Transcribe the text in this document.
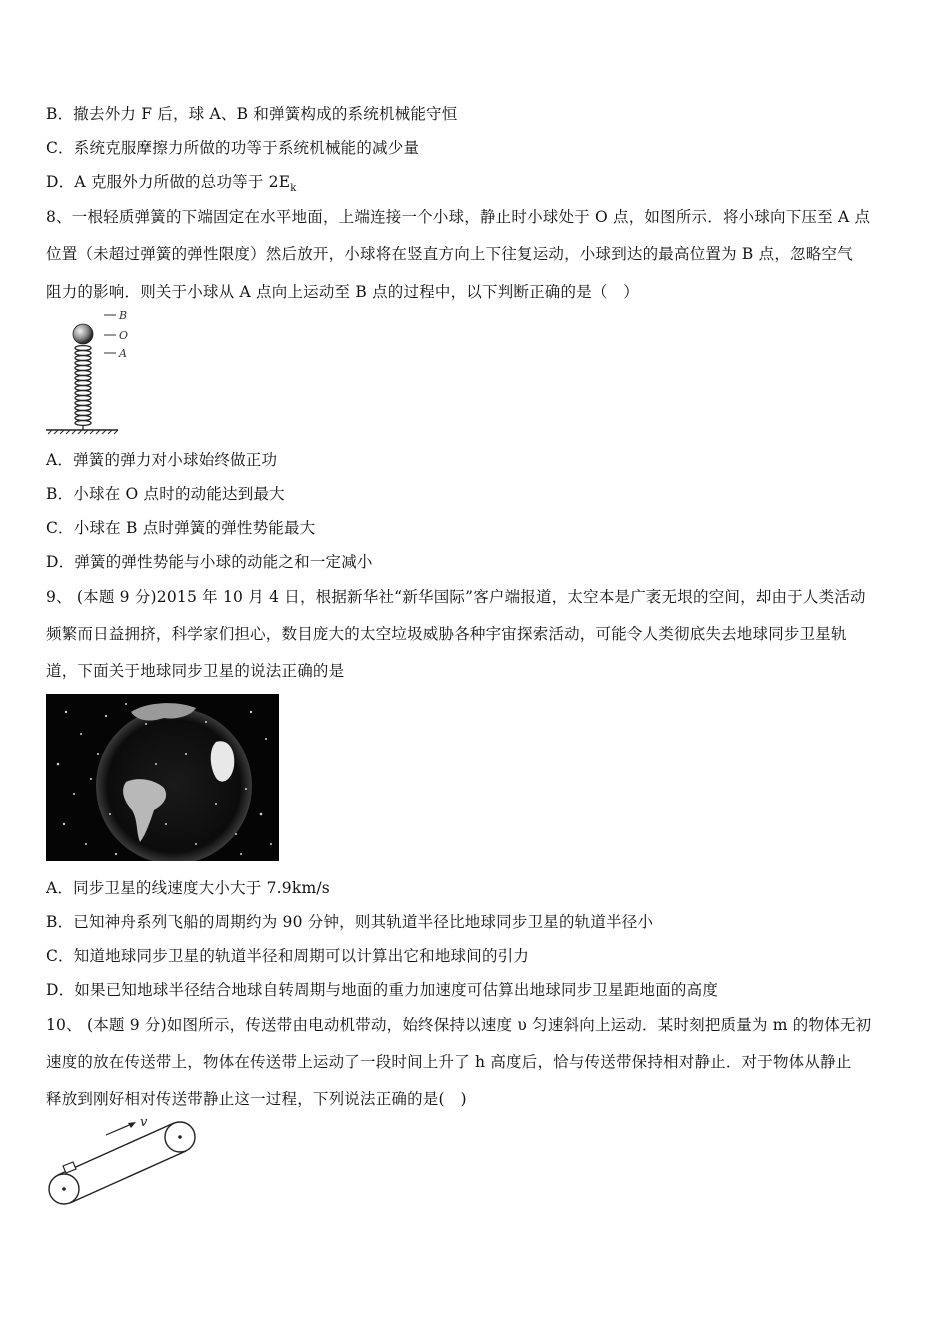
B．撤去外力 F 后，球 A、B 和弹簧构成的系统机械能守恒
C．系统克服摩擦力所做的功等于系统机械能的减少量
D．A 克服外力所做的总功等于 $2E_k$
8、一根轻质弹簧的下端固定在水平地面，上端连接一个小球，静止时小球处于 O 点，如图所示．将小球向下压至 A 点
位置（未超过弹簧的弹性限度）然后放开，小球将在竖直方向上下往复运动，小球到达的最高位置为 B 点，忽略空气
阻力的影响．则关于小球从 A 点向上运动至 B 点的过程中，以下判断正确的是（　）
B
O
A
A．弹簧的弹力对小球始终做正功
B．小球在 O 点时的动能达到最大
C．小球在 B 点时弹簧的弹性势能最大
D．弹簧的弹性势能与小球的动能之和一定减小
9、 (本题 9 分)2015 年 10 月 4 日，根据新华社“新华国际”客户端报道，太空本是广袤无垠的空间，却由于人类活动
频繁而日益拥挤，科学家们担心，数目庞大的太空垃圾威胁各种宇宙探索活动，可能令人类彻底失去地球同步卫星轨
道，下面关于地球同步卫星的说法正确的是
A．同步卫星的线速度大小大于 7.9km/s
B．已知神舟系列飞船的周期约为 90 分钟，则其轨道半径比地球同步卫星的轨道半径小
C．知道地球同步卫星的轨道半径和周期可以计算出它和地球间的引力
D．如果已知地球半径结合地球自转周期与地面的重力加速度可估算出地球同步卫星距地面的高度
10、 (本题 9 分)如图所示，传送带由电动机带动，始终保持以速度 υ 匀速斜向上运动．某时刻把质量为 m 的物体无初
速度的放在传送带上，物体在传送带上运动了一段时间上升了 h 高度后，恰与传送带保持相对静止．对于物体从静止
释放到刚好相对传送带静止这一过程，下列说法正确的是(　)
v
